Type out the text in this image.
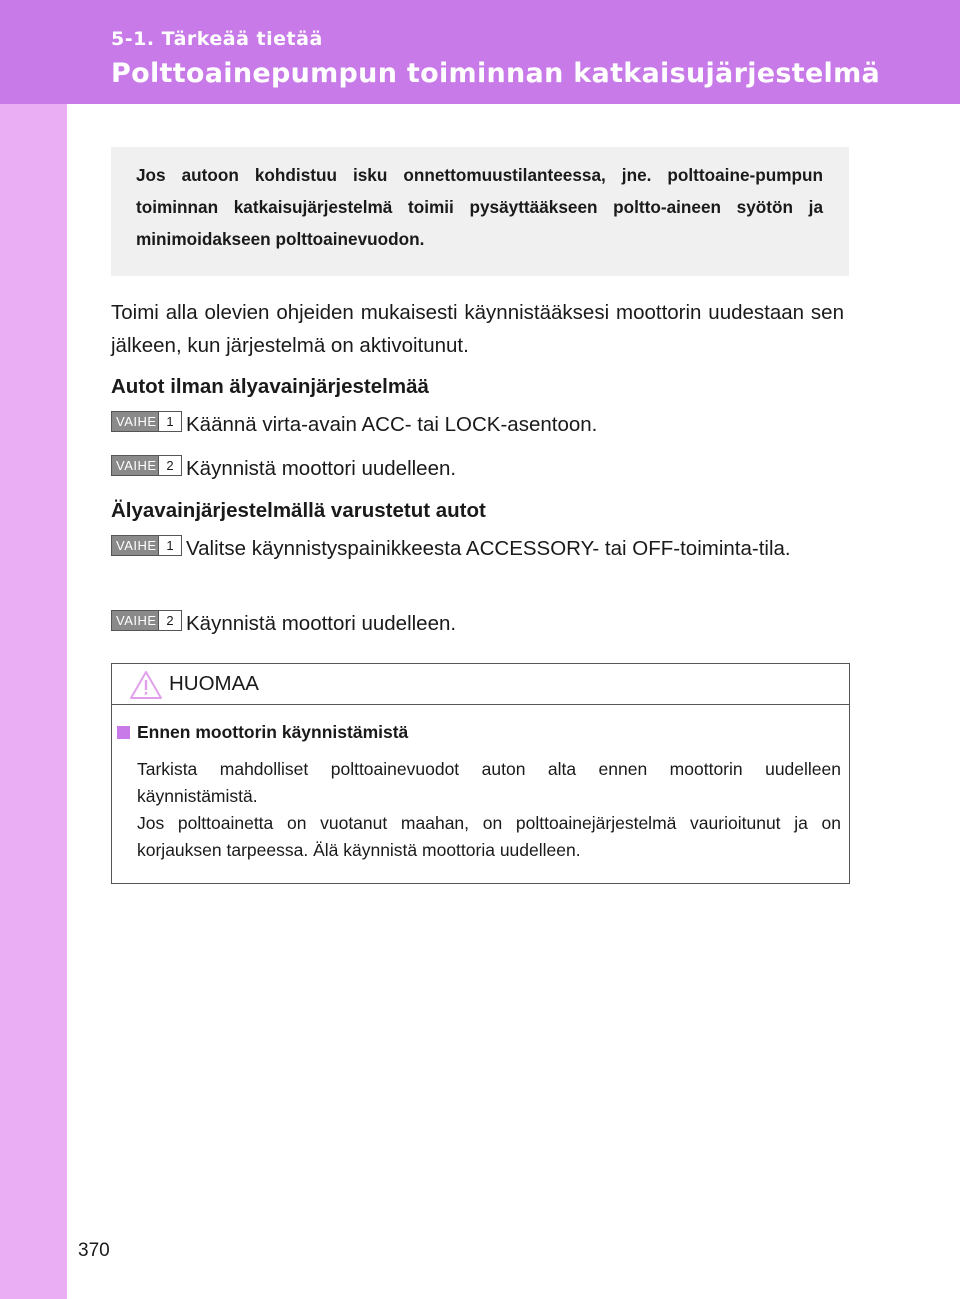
5-1. Tärkeää tietää
Polttoainepumpun toiminnan katkaisujärjestelmä

Jos autoon kohdistuu isku onnettomuustilanteessa, jne. polttoaine-pumpun toiminnan katkaisujärjestelmä toimii pysäyttääkseen poltto-aineen syötön ja minimoidakseen polttoainevuodon.

Toimi alla olevien ohjeiden mukaisesti käynnistääksesi moottorin uudestaan sen jälkeen, kun järjestelmä on aktivoitunut.

Autot ilman älyavainjärjestelmää
VAIHE 1 Käännä virta-avain ACC- tai LOCK-asentoon.

VAIHE 2 Käynnistä moottori uudelleen.

Älyavainjärjestelmällä varustetut autot
VAIHE 1 Valitse käynnistyspainikkeesta ACCESSORY- tai OFF-toiminta-tila.

VAIHE 2 Käynnistä moottori uudelleen.

HUOMAA
Ennen moottorin käynnistämistä

Tarkista mahdolliset polttoainevuodot auton alta ennen moottorin uudelleen käynnistämistä.

Jos polttoainetta on vuotanut maahan, on polttoainejärjestelmä vaurioitunut ja on korjauksen tarpeessa. Älä käynnistä moottoria uudelleen.

370
